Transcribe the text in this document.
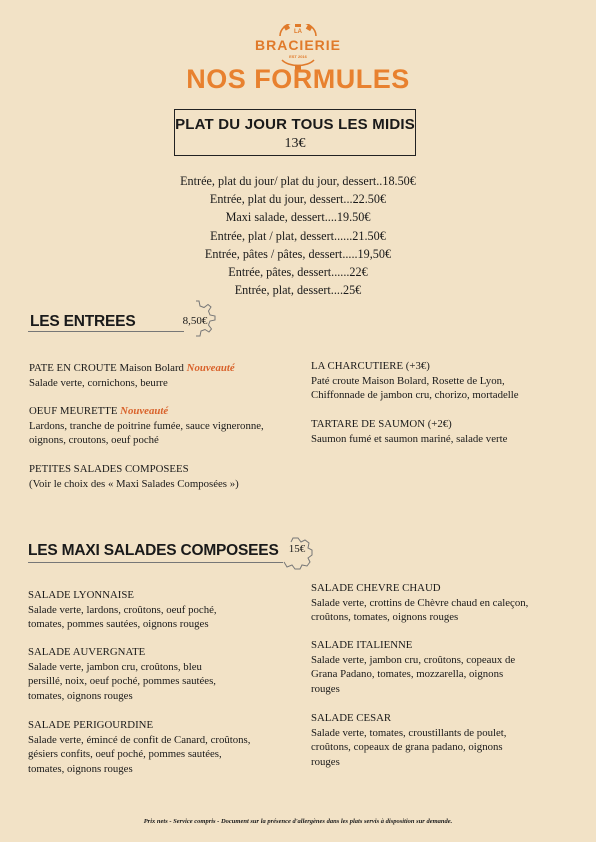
LA
BRACIERIE
EST 2016
NOS FORMULES
PLAT DU JOUR TOUS LES MIDIS
13€
Entrée, plat du jour/ plat du jour, dessert..18.50€
Entrée, plat du jour, dessert...22.50€
Maxi salade, dessert....19.50€
Entrée, plat / plat, dessert......21.50€
Entrée, pâtes / pâtes, dessert.....19,50€
Entrée, pâtes, dessert......22€
Entrée, plat, dessert....25€
LES ENTREES	8,50€
PATE EN CROUTE Maison Bolard Nouveauté
Salade verte, cornichons, beurre
OEUF MEURETTE Nouveauté
Lardons, tranche de poitrine fumée, sauce vigneronne,
oignons, croutons, oeuf poché
PETITES SALADES COMPOSEES
(Voir le choix des « Maxi Salades Composées »)
LA CHARCUTIERE (+3€)
Paté croute Maison Bolard, Rosette de Lyon,
Chiffonnade de jambon cru, chorizo, mortadelle
TARTARE DE SAUMON (+2€)
Saumon fumé et saumon mariné, salade verte
LES MAXI SALADES COMPOSEES 15€
SALADE LYONNAISE
Salade verte, lardons, croûtons, oeuf poché,
tomates, pommes sautées, oignons rouges
SALADE AUVERGNATE
Salade verte, jambon cru, croûtons, bleu
persillé, noix, oeuf poché, pommes sautées,
tomates, oignons rouges
SALADE PERIGOURDINE
Salade verte, émincé de confit de Canard, croûtons,
gésiers confits, oeuf poché, pommes sautées,
tomates, oignons rouges
SALADE CHEVRE CHAUD
Salade verte, crottins de Chèvre chaud en caleçon,
croûtons, tomates, oignons rouges
SALADE ITALIENNE
Salade verte, jambon cru, croûtons, copeaux de
Grana Padano, tomates, mozzarella, oignons
rouges
SALADE CESAR
Salade verte, tomates, croustillants de poulet,
croûtons, copeaux de grana padano, oignons
rouges
Prix nets - Service compris - Document sur la présence d'allergènes dans les plats servis à disposition sur demande.
